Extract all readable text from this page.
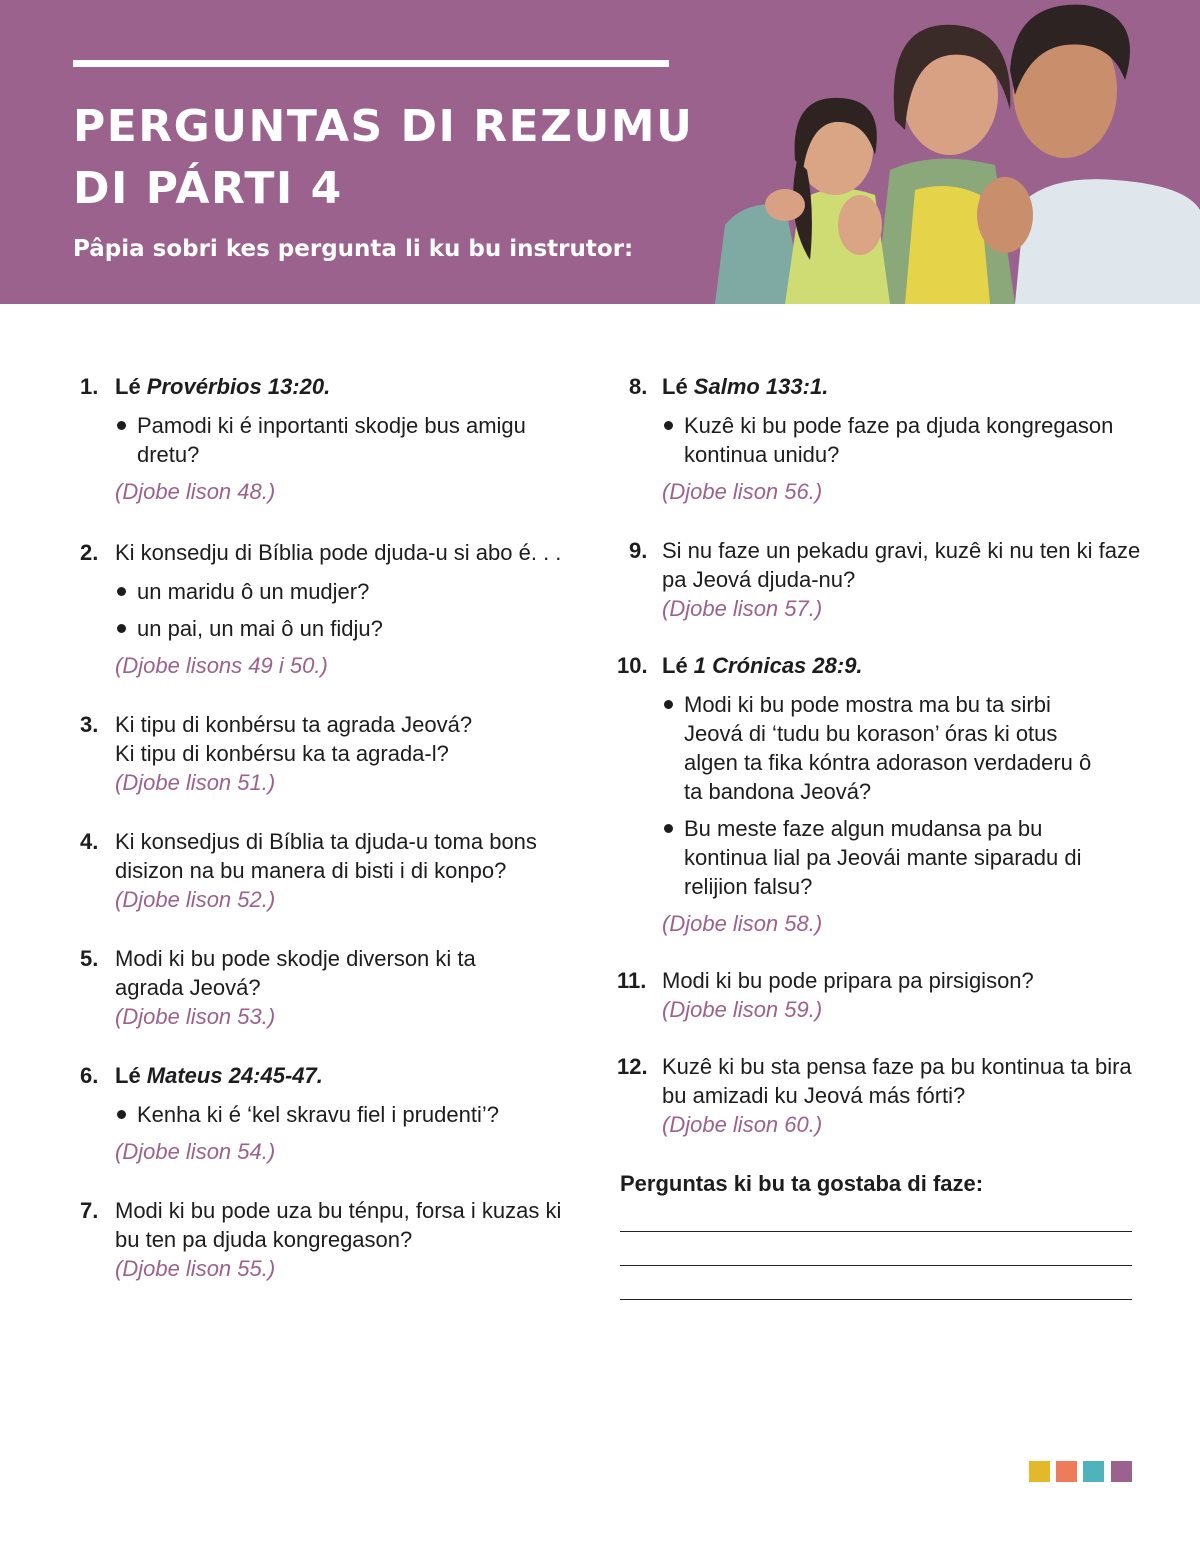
PERGUNTAS DI REZUMU
DI PÁRTI 4

Pâpia sobri kes pergunta li ku bu instrutor:

1. Lé Provérbios 13:20.

Pamodi ki é inportanti skodje bus amigu dretu?

(Djobe lison 48.)

2. Ki konsedju di Bíblia pode djuda-u si abo é. . .

un maridu ô un mudjer?
un pai, un mai ô un fidju?

(Djobe lisons 49 i 50.)

3. Ki tipu di konbérsu ta agrada Jeová?
Ki tipu di konbérsu ka ta agrada-l?

(Djobe lison 51.)

4. Ki konsedjus di Bíblia ta djuda-u toma bons disizon na bu manera di bisti i di konpo?

(Djobe lison 52.)

5. Modi ki bu pode skodje diverson ki ta agrada Jeová?

(Djobe lison 53.)

6. Lé Mateus 24:45-47.

Kenha ki é ‘kel skravu fiel i prudenti’?

(Djobe lison 54.)

7. Modi ki bu pode uza bu ténpu, forsa i kuzas ki bu ten pa djuda kongregason?

(Djobe lison 55.)

8. Lé Salmo 133:1.

Kuzê ki bu pode faze pa djuda kongregason kontinua unidu?

(Djobe lison 56.)

9. Si nu faze un pekadu gravi, kuzê ki nu ten ki faze pa Jeová djuda-nu?

(Djobe lison 57.)

10. Lé 1 Crónicas 28:9.

Modi ki bu pode mostra ma bu ta sirbi Jeová di ‘tudu bu korason’ óras ki otus algen ta fika kóntra adorason verdaderu ô ta bandona Jeová?
Bu meste faze algun mudansa pa bu kontinua lial pa Jeovái mante siparadu di relijion falsu?

(Djobe lison 58.)

11. Modi ki bu pode pripara pa pirsigison?

(Djobe lison 59.)

12. Kuzê ki bu sta pensa faze pa bu kontinua ta bira bu amizadi ku Jeová más fórti?

(Djobe lison 60.)

Perguntas ki bu ta gostaba di faze:
